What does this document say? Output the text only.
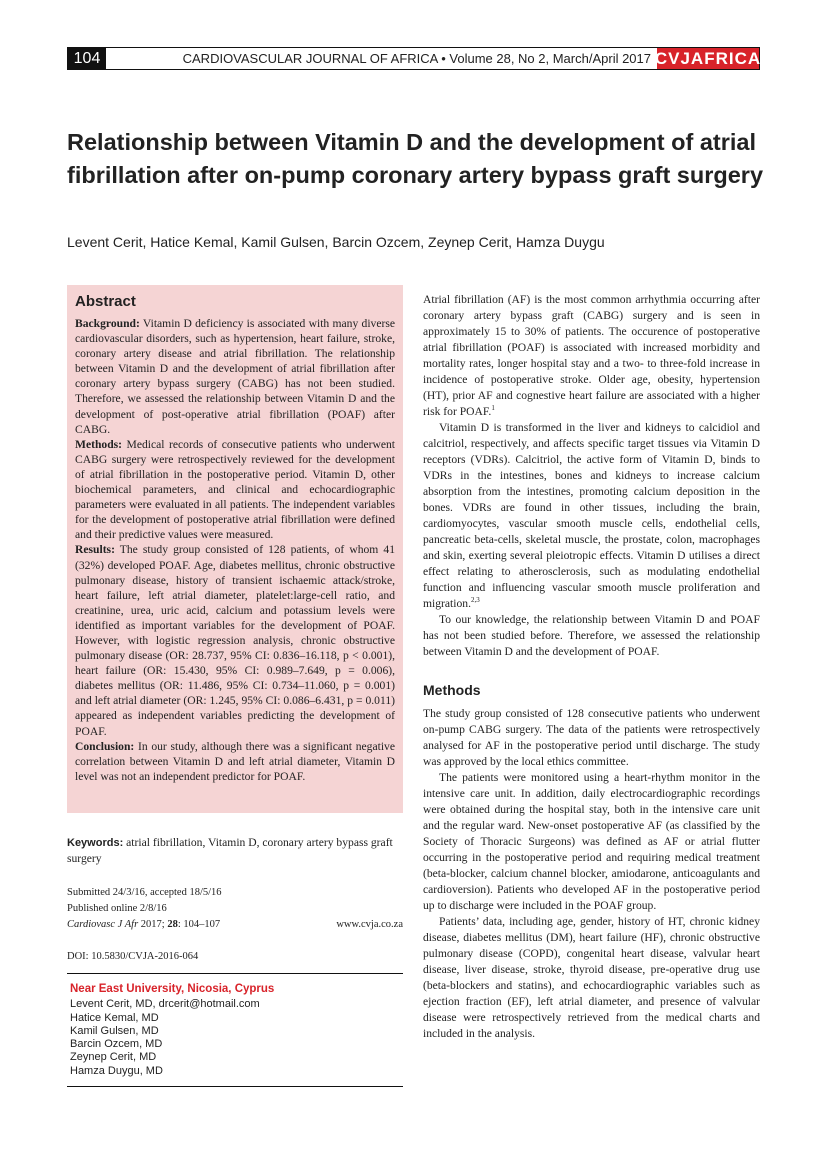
104	CARDIOVASCULAR JOURNAL OF AFRICA • Volume 28, No 2, March/April 2017 CVJAFRICA
Relationship between Vitamin D and the development of atrial fibrillation after on-pump coronary artery bypass graft surgery
Levent Cerit, Hatice Kemal, Kamil Gulsen, Barcin Ozcem, Zeynep Cerit, Hamza Duygu
Abstract

Background: Vitamin D deficiency is associated with many diverse cardiovascular disorders, such as hypertension, heart failure, stroke, coronary artery disease and atrial fibrillation. The relationship between Vitamin D and the development of atrial fibrillation after coronary artery bypass surgery (CABG) has not been studied. Therefore, we assessed the relationship between Vitamin D and the development of post-operative atrial fibrillation (POAF) after CABG.

Methods: Medical records of consecutive patients who underwent CABG surgery were retrospectively reviewed for the development of atrial fibrillation in the postoperative period. Vitamin D, other biochemical parameters, and clinical and echocardiographic parameters were evaluated in all patients. The independent variables for the development of postoperative atrial fibrillation were defined and their predictive values were measured.

Results: The study group consisted of 128 patients, of whom 41 (32%) developed POAF. Age, diabetes mellitus, chronic obstructive pulmonary disease, history of transient ischaemic attack/stroke, heart failure, left atrial diameter, platelet:large-cell ratio, and creatinine, urea, uric acid, calcium and potassium levels were identified as important variables for the development of POAF. However, with logistic regression analysis, chronic obstructive pulmonary disease (OR: 28.737, 95% CI: 0.836–16.118, p < 0.001), heart failure (OR: 15.430, 95% CI: 0.989–7.649, p = 0.006), diabetes mellitus (OR: 11.486, 95% CI: 0.734–11.060, p = 0.001) and left atrial diameter (OR: 1.245, 95% CI: 0.086–6.431, p = 0.011) appeared as independent variables predicting the development of POAF.

Conclusion: In our study, although there was a significant negative correlation between Vitamin D and left atrial diameter, Vitamin D level was not an independent predictor for POAF.

Keywords: atrial fibrillation, Vitamin D, coronary artery bypass graft surgery
Submitted 24/3/16, accepted 18/5/16
Published online 2/8/16
Cardiovasc J Afr 2017; 28: 104–107	www.cvja.co.za
DOI: 10.5830/CVJA-2016-064
Near East University, Nicosia, Cyprus
Levent Cerit, MD, drcerit@hotmail.com
Hatice Kemal, MD
Kamil Gulsen, MD
Barcin Ozcem, MD
Zeynep Cerit, MD
Hamza Duygu, MD

Atrial fibrillation (AF) is the most common arrhythmia occurring after coronary artery bypass graft (CABG) surgery and is seen in approximately 15 to 30% of patients. The occurence of postoperative atrial fibrillation (POAF) is associated with increased morbidity and mortality rates, longer hospital stay and a two- to three-fold increase in incidence of postoperative stroke. Older age, obesity, hypertension (HT), prior AF and cognestive heart failure are associated with a higher risk for POAF.$^1$

Vitamin D is transformed in the liver and kidneys to calcidiol and calcitriol, respectively, and affects specific target tissues via Vitamin D receptors (VDRs). Calcitriol, the active form of Vitamin D, binds to VDRs in the intestines, bones and kidneys to increase calcium absorption from the intestines, promoting calcium deposition in the bones. VDRs are found in other tissues, including the brain, cardiomyocytes, vascular smooth muscle cells, endothelial cells, pancreatic beta-cells, skeletal muscle, the prostate, colon, macrophages and skin, exerting several pleiotropic effects. Vitamin D utilises a direct effect relating to atherosclerosis, such as modulating endothelial function and influencing vascular smooth muscle proliferation and migration.$^{2,3}$

To our knowledge, the relationship between Vitamin D and POAF has not been studied before. Therefore, we assessed the relationship between Vitamin D and the development of POAF.

Methods

The study group consisted of 128 consecutive patients who underwent on-pump CABG surgery. The data of the patients were retrospectively analysed for AF in the postoperative period until discharge. The study was approved by the local ethics committee.

The patients were monitored using a heart-rhythm monitor in the intensive care unit. In addition, daily electrocardiographic recordings were obtained during the hospital stay, both in the intensive care unit and the regular ward. New-onset postoperative AF (as classified by the Society of Thoracic Surgeons) was defined as AF or atrial flutter occurring in the postoperative period and requiring medical treatment (beta-blocker, calcium channel blocker, amiodarone, anticoagulants and cardioversion). Patients who developed AF in the postoperative period up to discharge were included in the POAF group.

Patients’ data, including age, gender, history of HT, chronic kidney disease, diabetes mellitus (DM), heart failure (HF), chronic obstructive pulmonary disease (COPD), congenital heart disease, valvular heart disease, liver disease, stroke, thyroid disease, pre-operative drug use (beta-blockers and statins), and echocardiographic variables such as ejection fraction (EF), left atrial diameter, and presence of valvular disease were retrospectively retrieved from the medical charts and included in the analysis.
